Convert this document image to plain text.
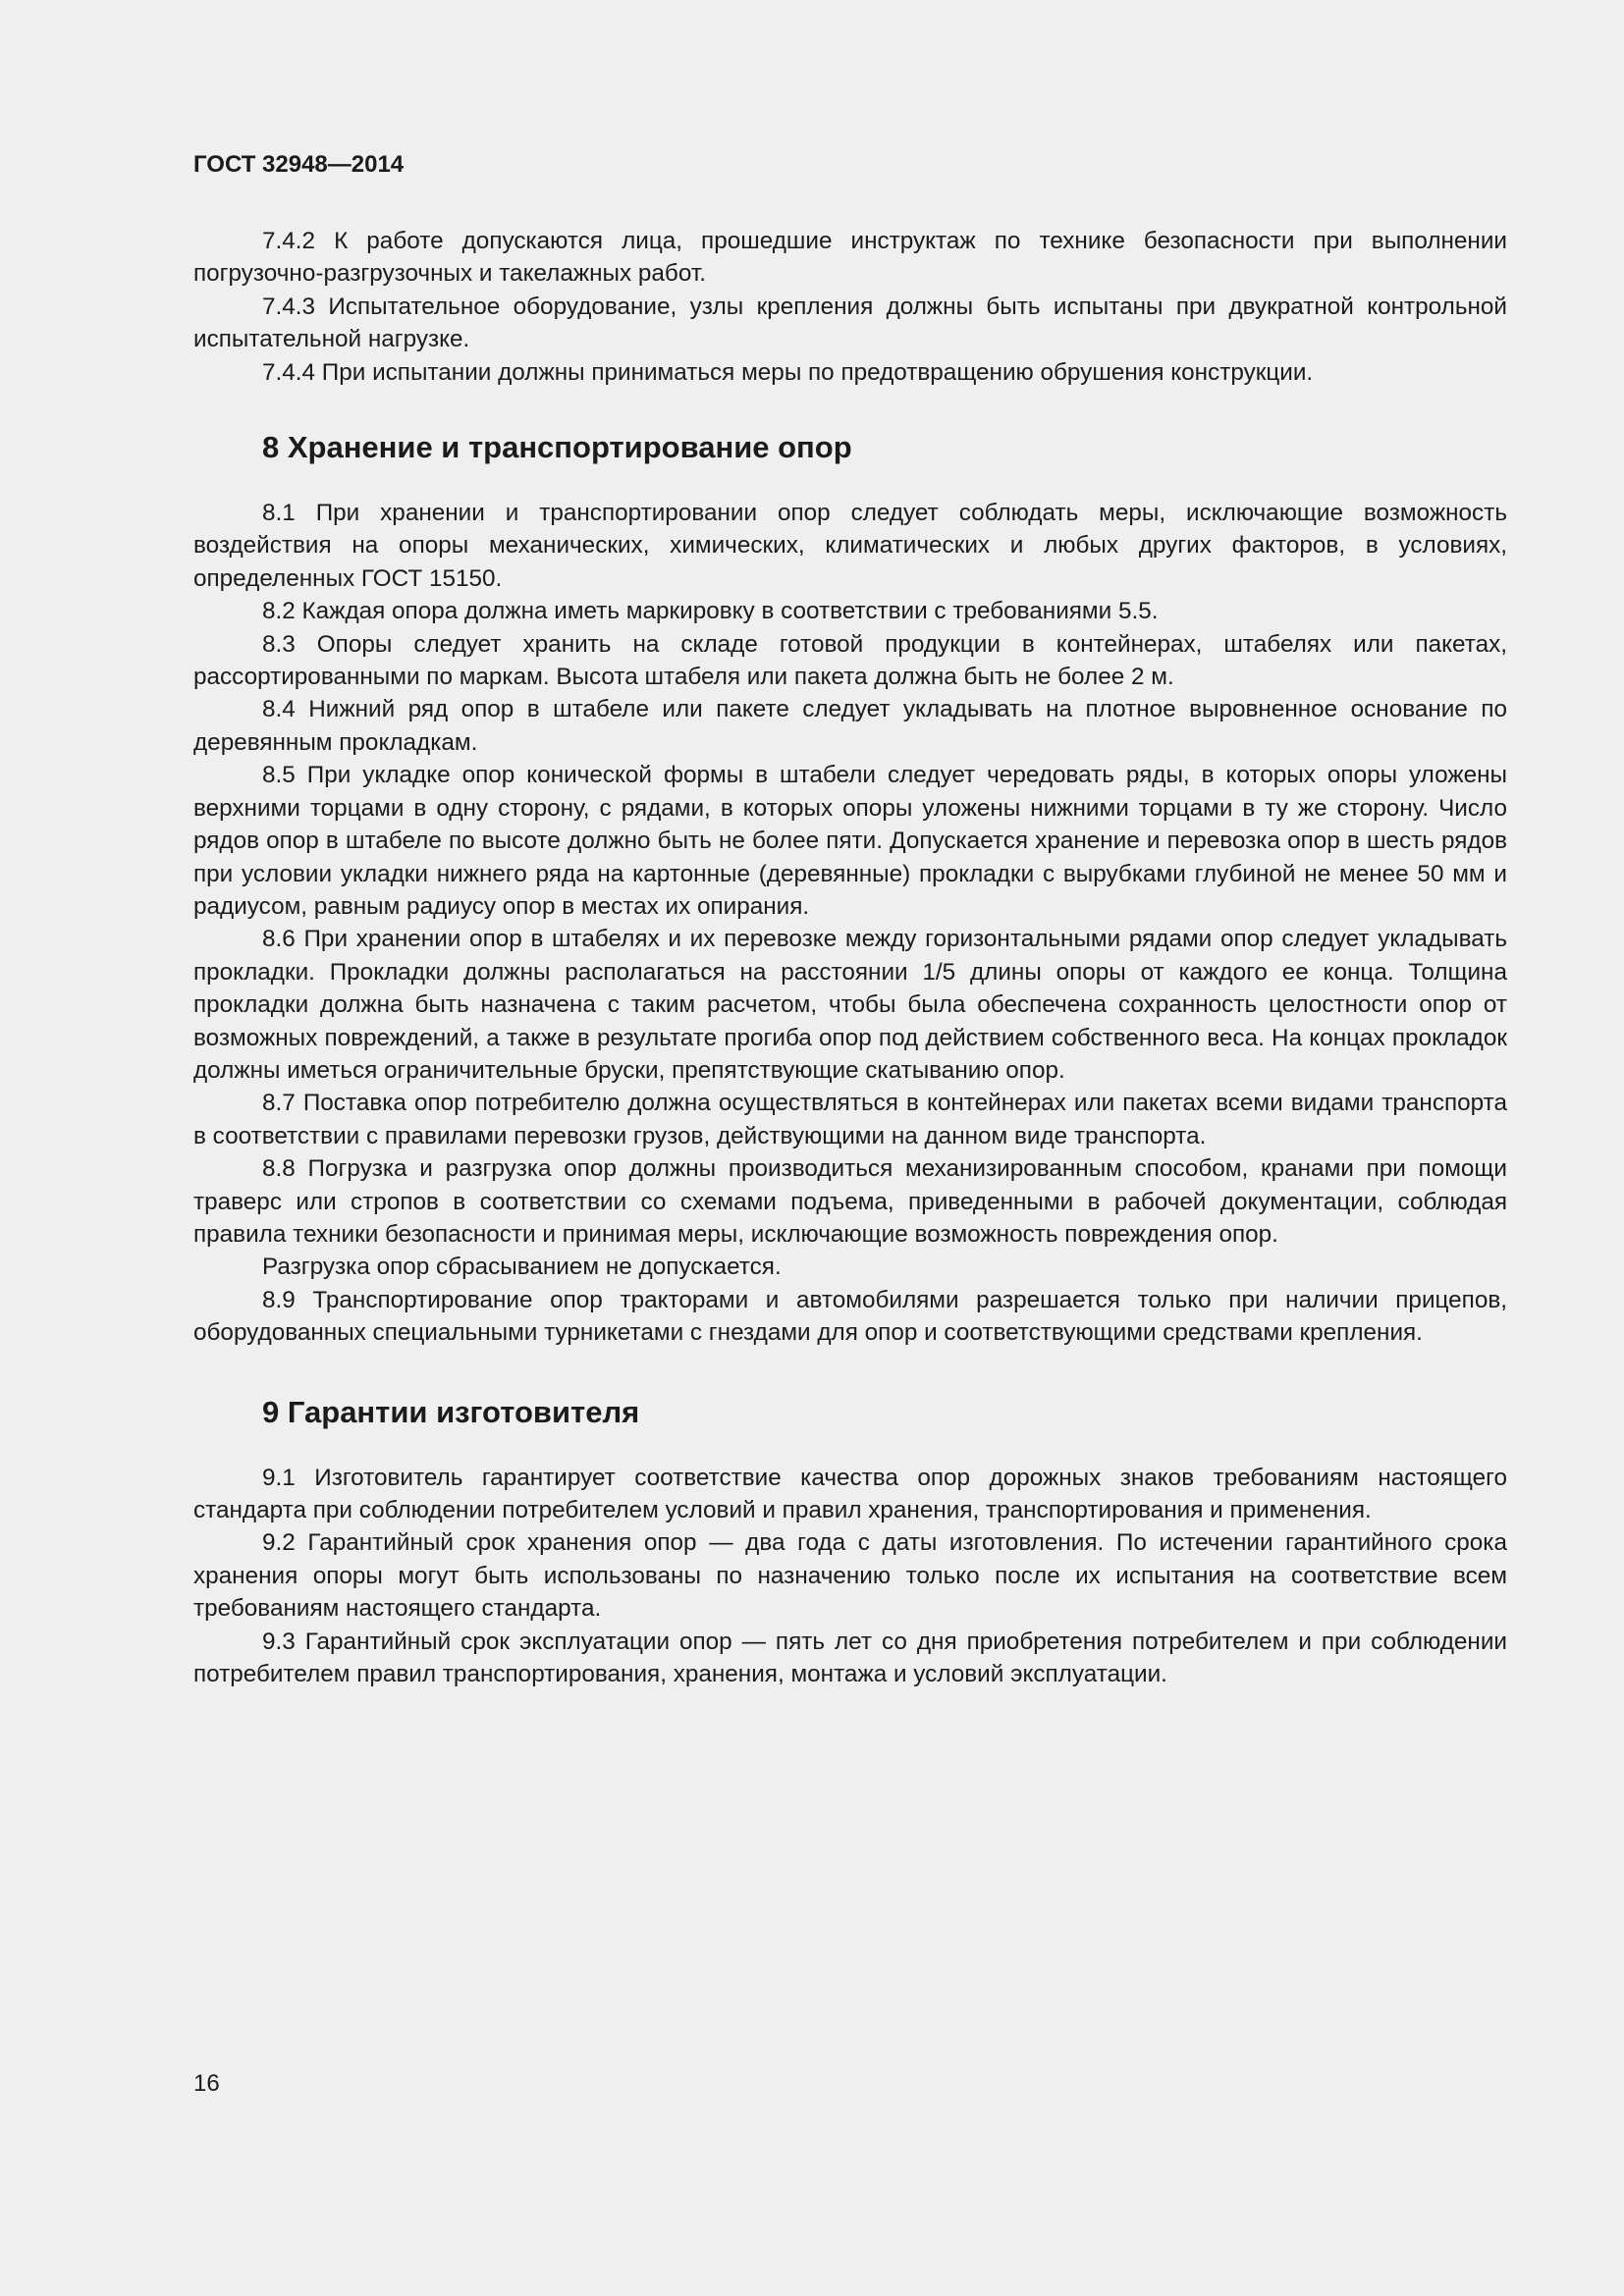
ГОСТ 32948—2014

7.4.2 К работе допускаются лица, прошедшие инструктаж по технике безопасности при выполнении погрузочно-разгрузочных и такелажных работ.

7.4.3 Испытательное оборудование, узлы крепления должны быть испытаны при двукратной контрольной испытательной нагрузке.

7.4.4 При испытании должны приниматься меры по предотвращению обрушения конструкции.

8 Хранение и транспортирование опор

8.1 При хранении и транспортировании опор следует соблюдать меры, исключающие возможность воздействия на опоры механических, химических, климатических и любых других факторов, в условиях, определенных ГОСТ 15150.

8.2 Каждая опора должна иметь маркировку в соответствии с требованиями 5.5.

8.3 Опоры следует хранить на складе готовой продукции в контейнерах, штабелях или пакетах, рассортированными по маркам. Высота штабеля или пакета должна быть не более 2 м.

8.4 Нижний ряд опор в штабеле или пакете следует укладывать на плотное выровненное основание по деревянным прокладкам.

8.5 При укладке опор конической формы в штабели следует чередовать ряды, в которых опоры уложены верхними торцами в одну сторону, с рядами, в которых опоры уложены нижними торцами в ту же сторону. Число рядов опор в штабеле по высоте должно быть не более пяти. Допускается хранение и перевозка опор в шесть рядов при условии укладки нижнего ряда на картонные (деревянные) прокладки с вырубками глубиной не менее 50 мм и радиусом, равным радиусу опор в местах их опирания.

8.6 При хранении опор в штабелях и их перевозке между горизонтальными рядами опор следует укладывать прокладки. Прокладки должны располагаться на расстоянии 1/5 длины опоры от каждого ее конца. Толщина прокладки должна быть назначена с таким расчетом, чтобы была обеспечена сохранность целостности опор от возможных повреждений, а также в результате прогиба опор под действием собственного веса. На концах прокладок должны иметься ограничительные бруски, препятствующие скатыванию опор.

8.7 Поставка опор потребителю должна осуществляться в контейнерах или пакетах всеми видами транспорта в соответствии с правилами перевозки грузов, действующими на данном виде транспорта.

8.8 Погрузка и разгрузка опор должны производиться механизированным способом, кранами при помощи траверс или стропов в соответствии со схемами подъема, приведенными в рабочей документации, соблюдая правила техники безопасности и принимая меры, исключающие возможность повреждения опор.

Разгрузка опор сбрасыванием не допускается.

8.9 Транспортирование опор тракторами и автомобилями разрешается только при наличии прицепов, оборудованных специальными турникетами с гнездами для опор и соответствующими средствами крепления.

9 Гарантии изготовителя

9.1 Изготовитель гарантирует соответствие качества опор дорожных знаков требованиям настоящего стандарта при соблюдении потребителем условий и правил хранения, транспортирования и применения.

9.2 Гарантийный срок хранения опор — два года с даты изготовления. По истечении гарантийного срока хранения опоры могут быть использованы по назначению только после их испытания на соответствие всем требованиям настоящего стандарта.

9.3 Гарантийный срок эксплуатации опор — пять лет со дня приобретения потребителем и при соблюдении потребителем правил транспортирования, хранения, монтажа и условий эксплуатации.

16
